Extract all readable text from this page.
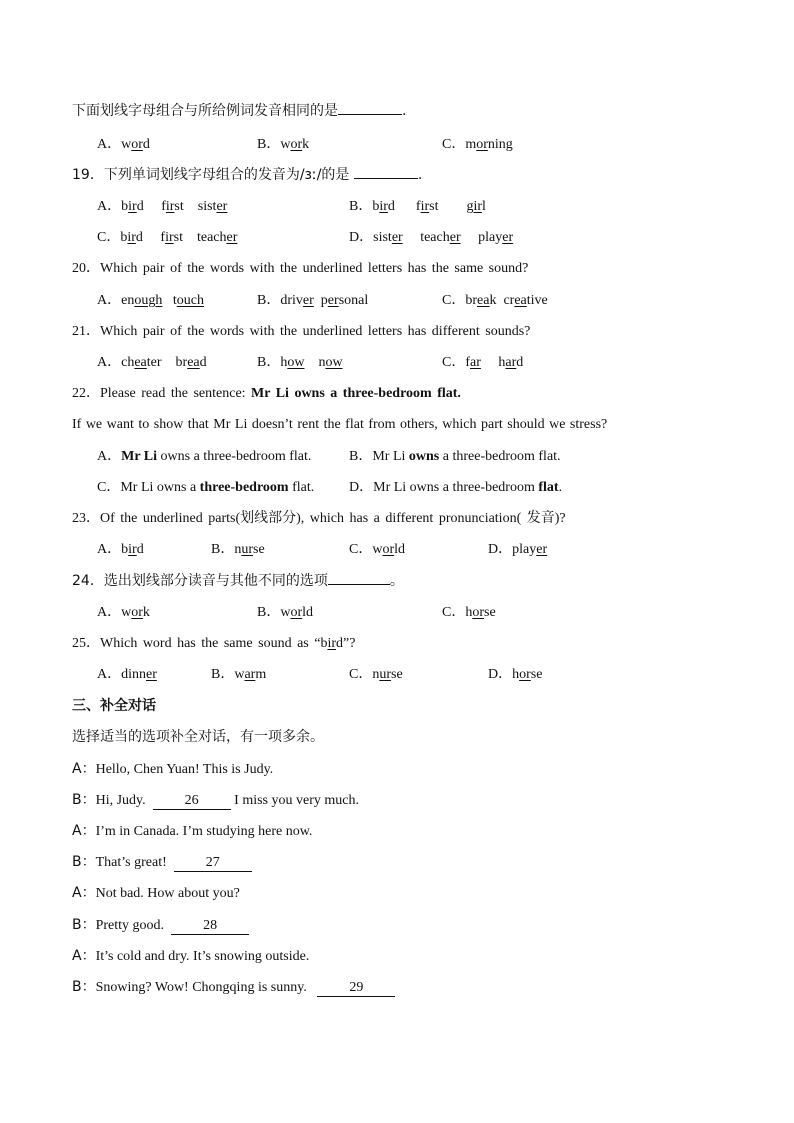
下面划线字母组合与所给例词发音相同的是	.
A．word	B．work	C．morning
19．下列单词划线字母组合的发音为/ɜː/的是	.
A．bird first sister	B．bird first girl
C．bird first teacher	D．sister teacher player
20．Which pair of the words with the underlined letters has the same sound?
A．enough touch	B．driver personal	C．break creative
21．Which pair of the words with the underlined letters has different sounds?
A．cheater bread	B．how now	C．far hard
22．Please read the sentence: Mr Li owns a three-bedroom flat.
If we want to show that Mr Li doesn’t rent the flat from others, which part should we stress?
A．Mr Li owns a three-bedroom flat.	B．Mr Li owns a three-bedroom flat.
C．Mr Li owns a three-bedroom flat. D．Mr Li owns a three-bedroom flat.
23．Of the underlined parts(划线部分), which has a different pronunciation( 发音)?
A．bird	B．nurse	C．world	D．player
24．选出划线部分读音与其他不同的选项	。
A．work	B．world	C．horse
25．Which word has the same sound as “bird”?
A．dinner	B．warm	C．nurse	D．horse
三、补全对话
选择适当的选项补全对话，有一项多余。
A：Hello, Chen Yuan! This is Judy.
B：Hi, Judy.	26 I miss you very much.
A：I’m in Canada. I’m studying here now.
B：That’s great!	27
A：Not bad. How about you?
B：Pretty good.	28
A：It’s cold and dry. It’s snowing outside.
B：Snowing? Wow! Chongqing is sunny.	29
